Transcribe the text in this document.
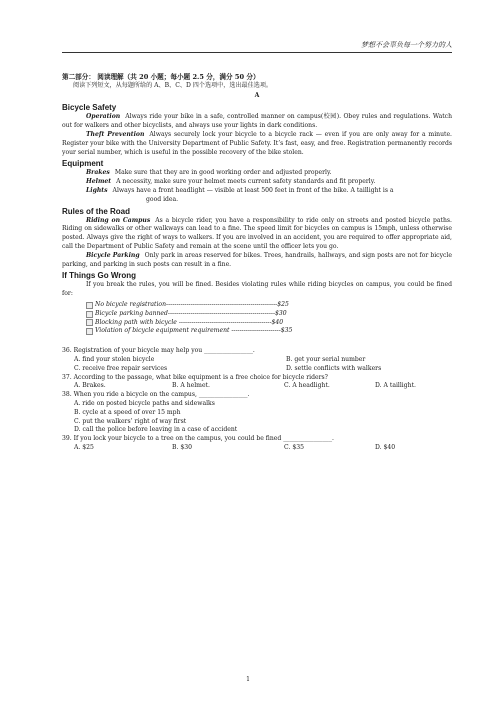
梦想不会辜负每一个努力的人
第二部分： 阅读理解（共 20 小题；每小题 2.5 分，满分 50 分）
阅读下列短文，从每题所给的 A、B、C、D 四个选项中，选出最佳选项。
A
Bicycle Safety
Operation Always ride your bike in a safe, controlled manner on campus(校园). Obey rules and regulations. Watch out for walkers and other bicyclists, and always use your lights in dark conditions.
Theft Prevention Always securely lock your bicycle to a bicycle rack — even if you are only away for a minute. Register your bike with the University Department of Public Safety. It’s fast, easy, and free. Registration permanently records your serial number, which is useful in the possible recovery of the bike stolen.
Equipment
Brakes Make sure that they are in good working order and adjusted properly.
Helmet A necessity, make sure your helmet meets current safety standards and fit properly.
Lights Always have a front headlight — visible at least 500 feet in front of the bike. A taillight is a
good idea.
Rules of the Road
Riding on Campus As a bicycle rider, you have a responsibility to ride only on streets and posted bicycle paths. Riding on sidewalks or other walkways can lead to a fine. The speed limit for bicycles on campus is 15mph, unless otherwise posted. Always give the right of ways to walkers. If you are involved in an accident, you are required to offer appropriate aid, call the Department of Public Safety and remain at the scene until the officer lets you go.
Bicycle Parking Only park in areas reserved for bikes. Trees, handrails, hallways, and sign posts are not for bicycle parking, and parking in such posts can result in a fine.
If Things Go Wrong
If you break the rules, you will be fined. Besides violating rules while riding bicycles on campus, you could be fined for:
No bicycle registration------------------------------------------------------$25
Bicycle parking banned----------------------------------------------------$30
Blocking path with bicycle ---------------------------------------------$40
Violation of bicycle equipment requirement ------------------------$35
36. Registration of your bicycle may help you ________________.
A. find your stolen bicycle	B. get your serial number
C. receive free repair services	D. settle conflicts with walkers
37. According to the passage, what bike equipment is a free choice for bicycle riders?
A. Brakes.	B. A helmet.	C. A headlight.	D. A taillight.
38. When you ride a bicycle on the campus, ________________.
A. ride on posted bicycle paths and sidewalks
B. cycle at a speed of over 15 mph
C. put the walkers’ right of way first
D. call the police before leaving in a case of accident
39. If you lock your bicycle to a tree on the campus, you could be fined ________________.
A. $25	B. $30	C. $35	D. $40
1
